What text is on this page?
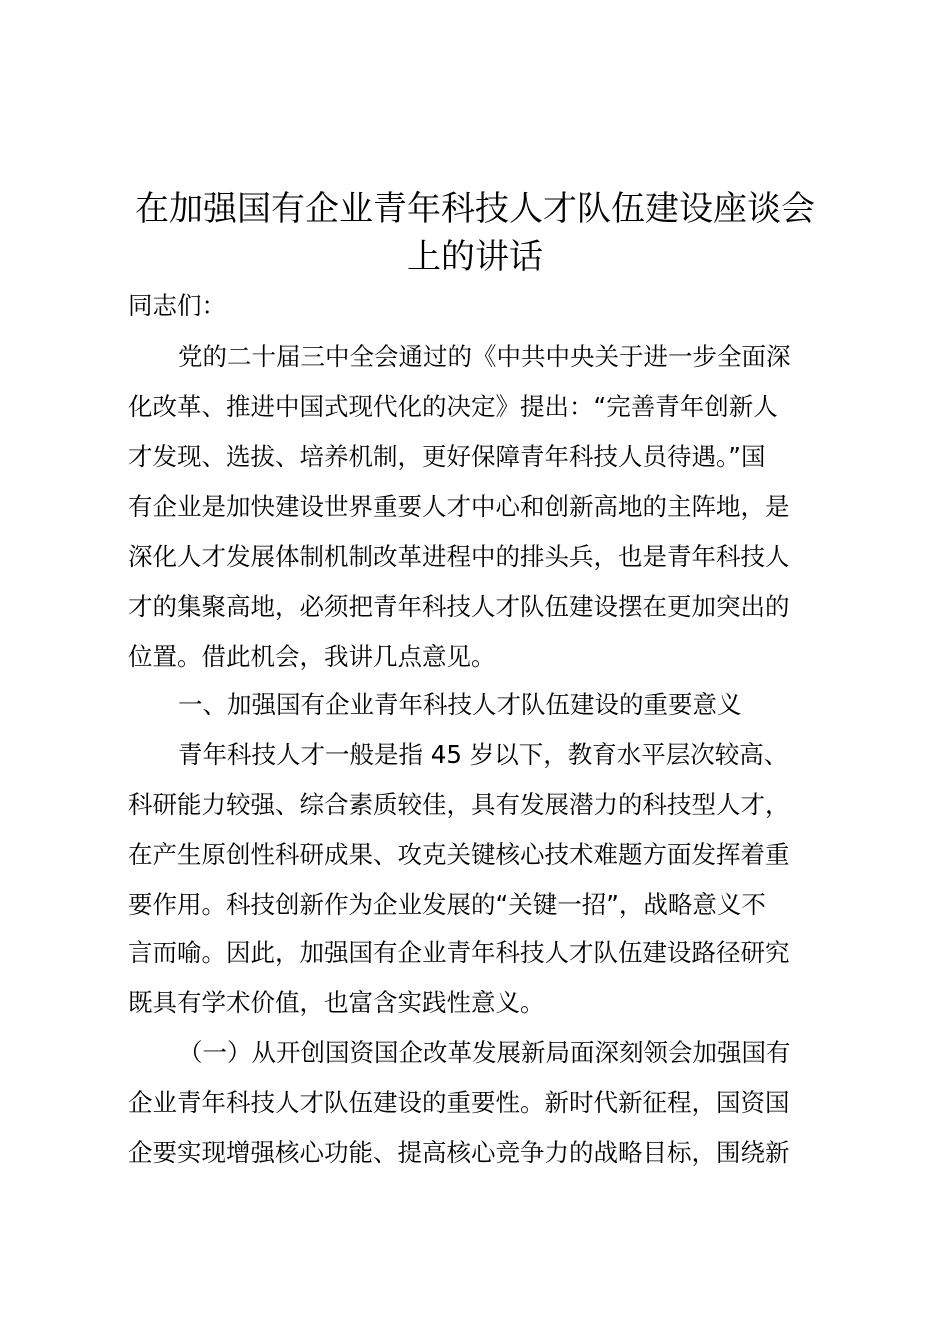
在加强国有企业青年科技人才队伍建设座谈会
上的讲话
同志们：
党的二十届三中全会通过的《中共中央关于进一步全面深
化改革、推进中国式现代化的决定》提出：“完善青年创新人
才发现、选拔、培养机制，更好保障青年科技人员待遇。”国
有企业是加快建设世界重要人才中心和创新高地的主阵地，是
深化人才发展体制机制改革进程中的排头兵，也是青年科技人
才的集聚高地，必须把青年科技人才队伍建设摆在更加突出的
位置。借此机会，我讲几点意见。
一、加强国有企业青年科技人才队伍建设的重要意义
青年科技人才一般是指 45 岁以下，教育水平层次较高、
科研能力较强、综合素质较佳，具有发展潜力的科技型人才，
在产生原创性科研成果、攻克关键核心技术难题方面发挥着重
要作用。科技创新作为企业发展的“关键一招”，战略意义不
言而喻。因此，加强国有企业青年科技人才队伍建设路径研究
既具有学术价值，也富含实践性意义。
（一）从开创国资国企改革发展新局面深刻领会加强国有
企业青年科技人才队伍建设的重要性。新时代新征程，国资国
企要实现增强核心功能、提高核心竞争力的战略目标，围绕新
